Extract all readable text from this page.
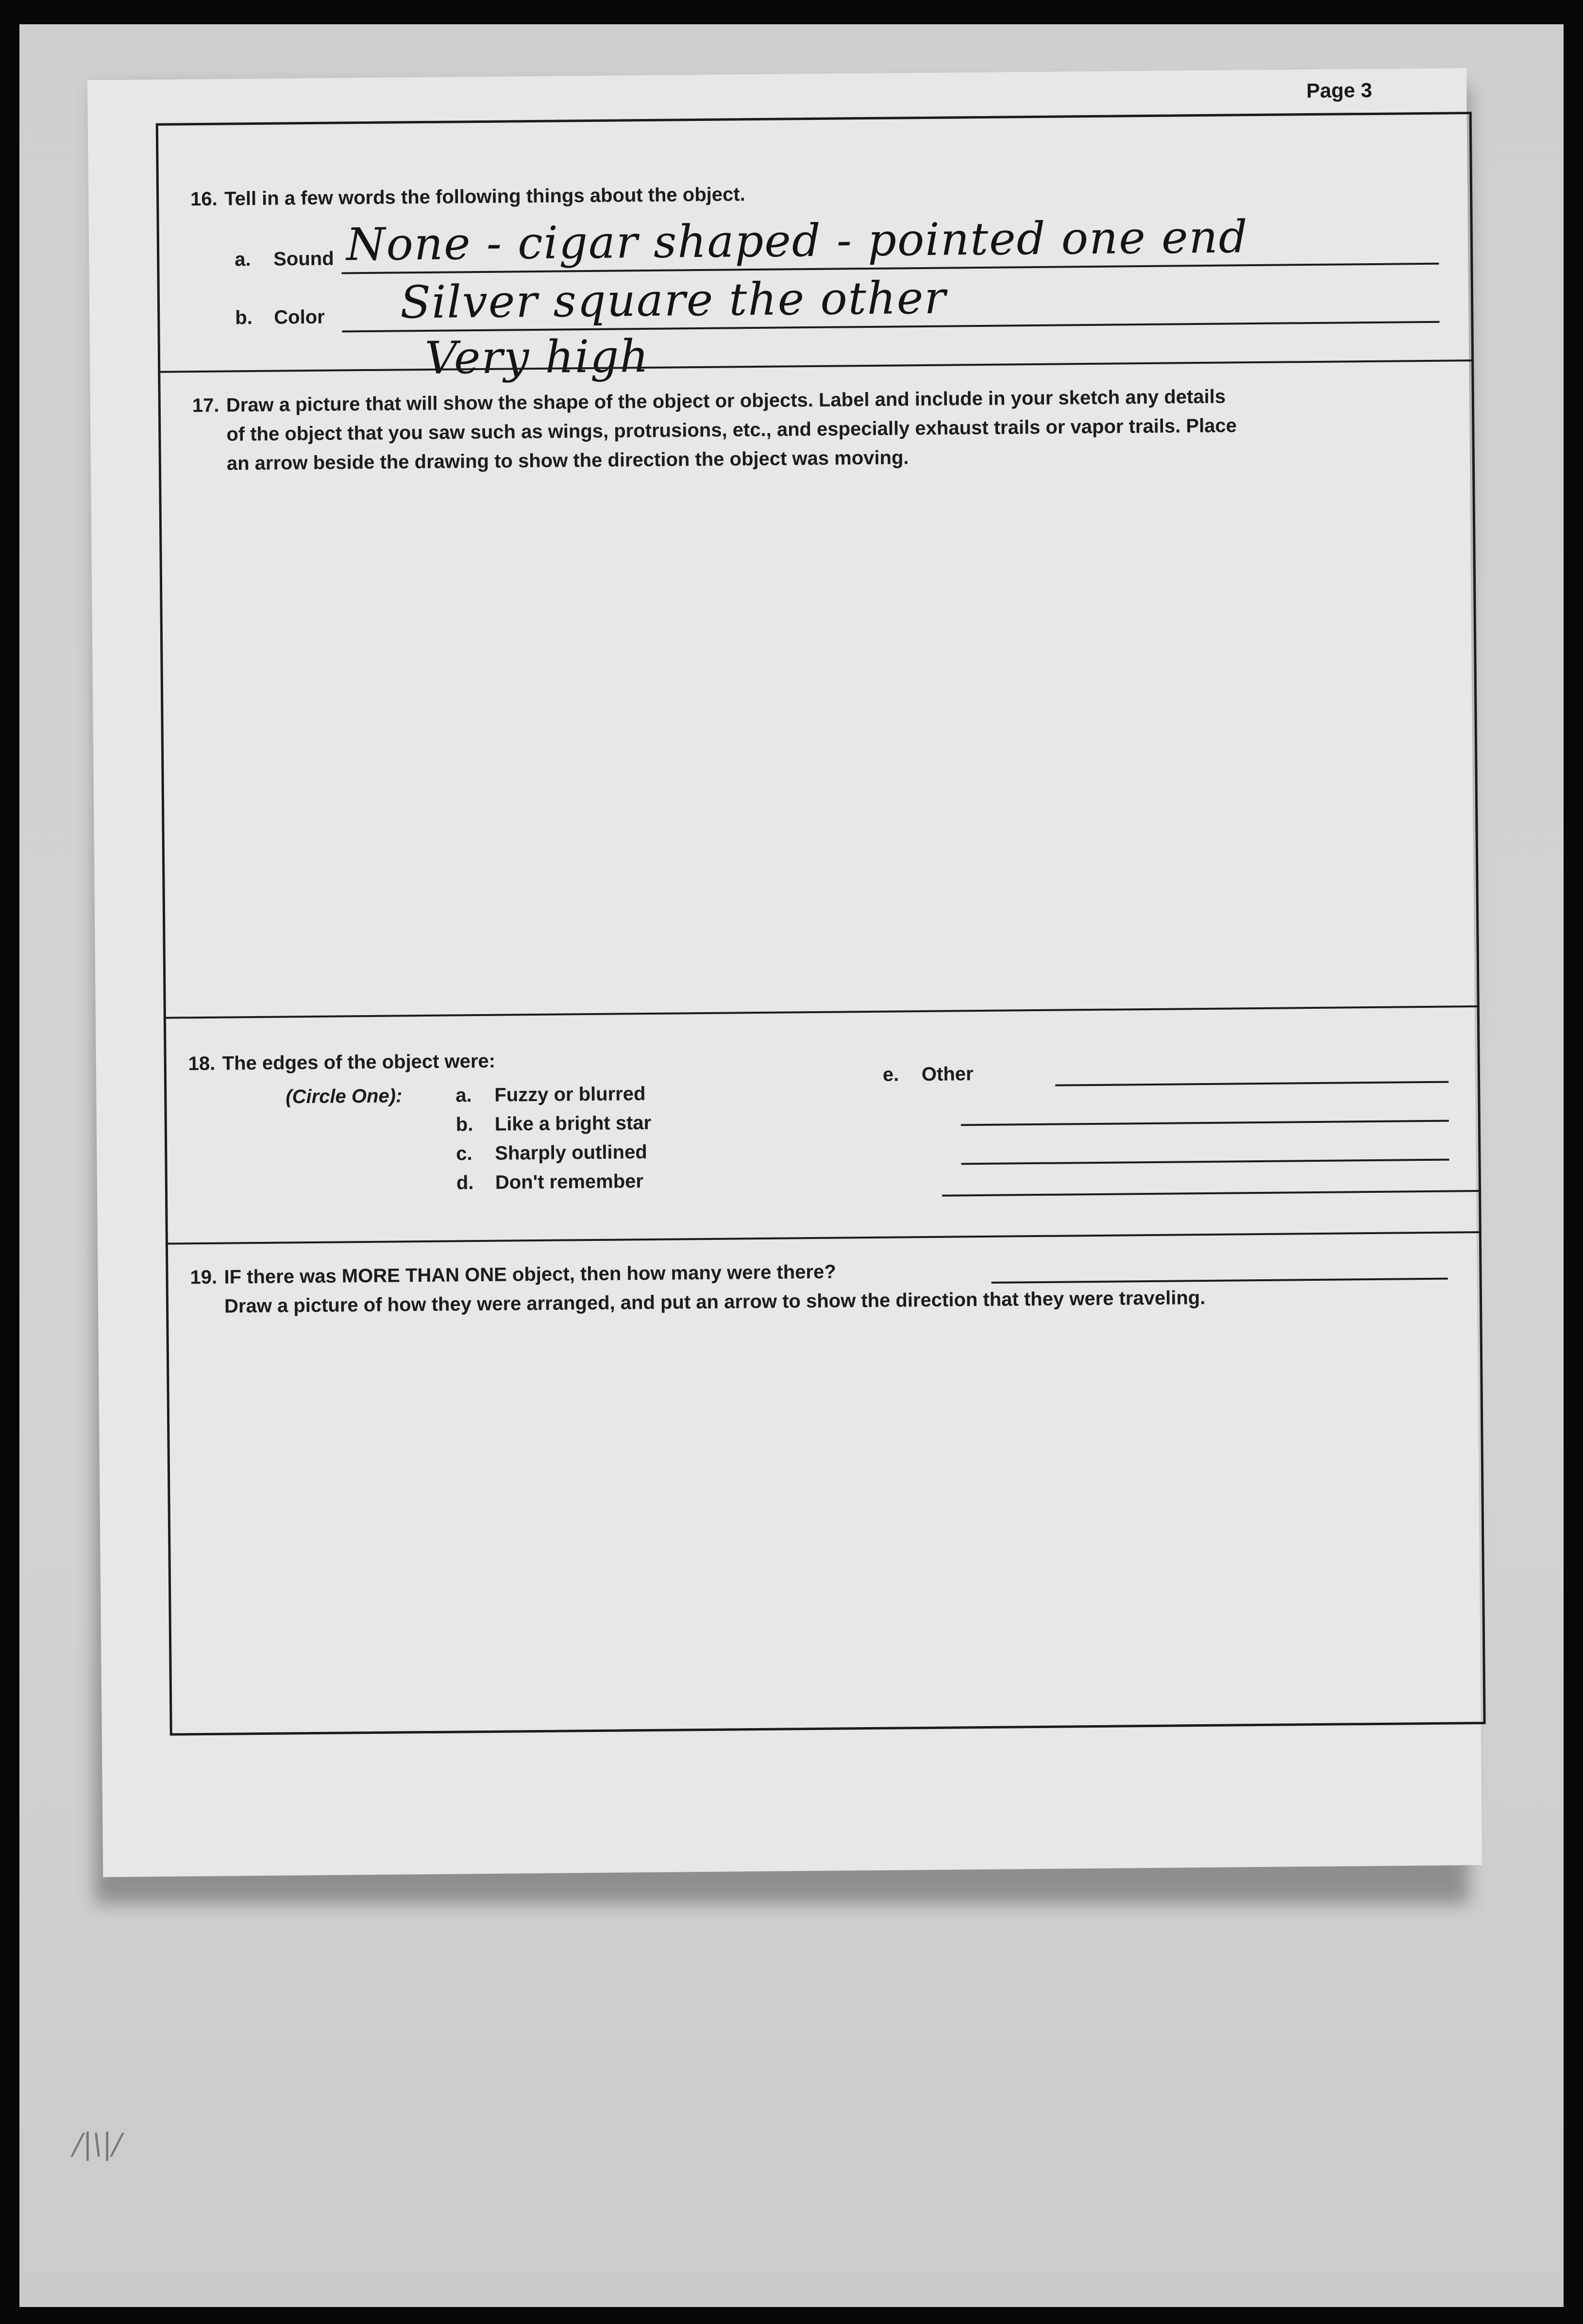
/|\|/
Page 3
16. Tell in a few words the following things about the object.
a. Sound None - cigar shaped - pointed one end
b. Color Silver square the other
Very high
17. Draw a picture that will show the shape of the object or objects. Label and include in your sketch any details
of the object that you saw such as wings, protrusions, etc., and especially exhaust trails or vapor trails. Place
an arrow beside the drawing to show the direction the object was moving.
18. The edges of the object were:
(Circle One):	a. Fuzzy or blurred
b. Like a bright star
c. Sharply outlined
d. Don't remember
e. Other
19. IF there was MORE THAN ONE object, then how many were there?
Draw a picture of how they were arranged, and put an arrow to show the direction that they were traveling.
